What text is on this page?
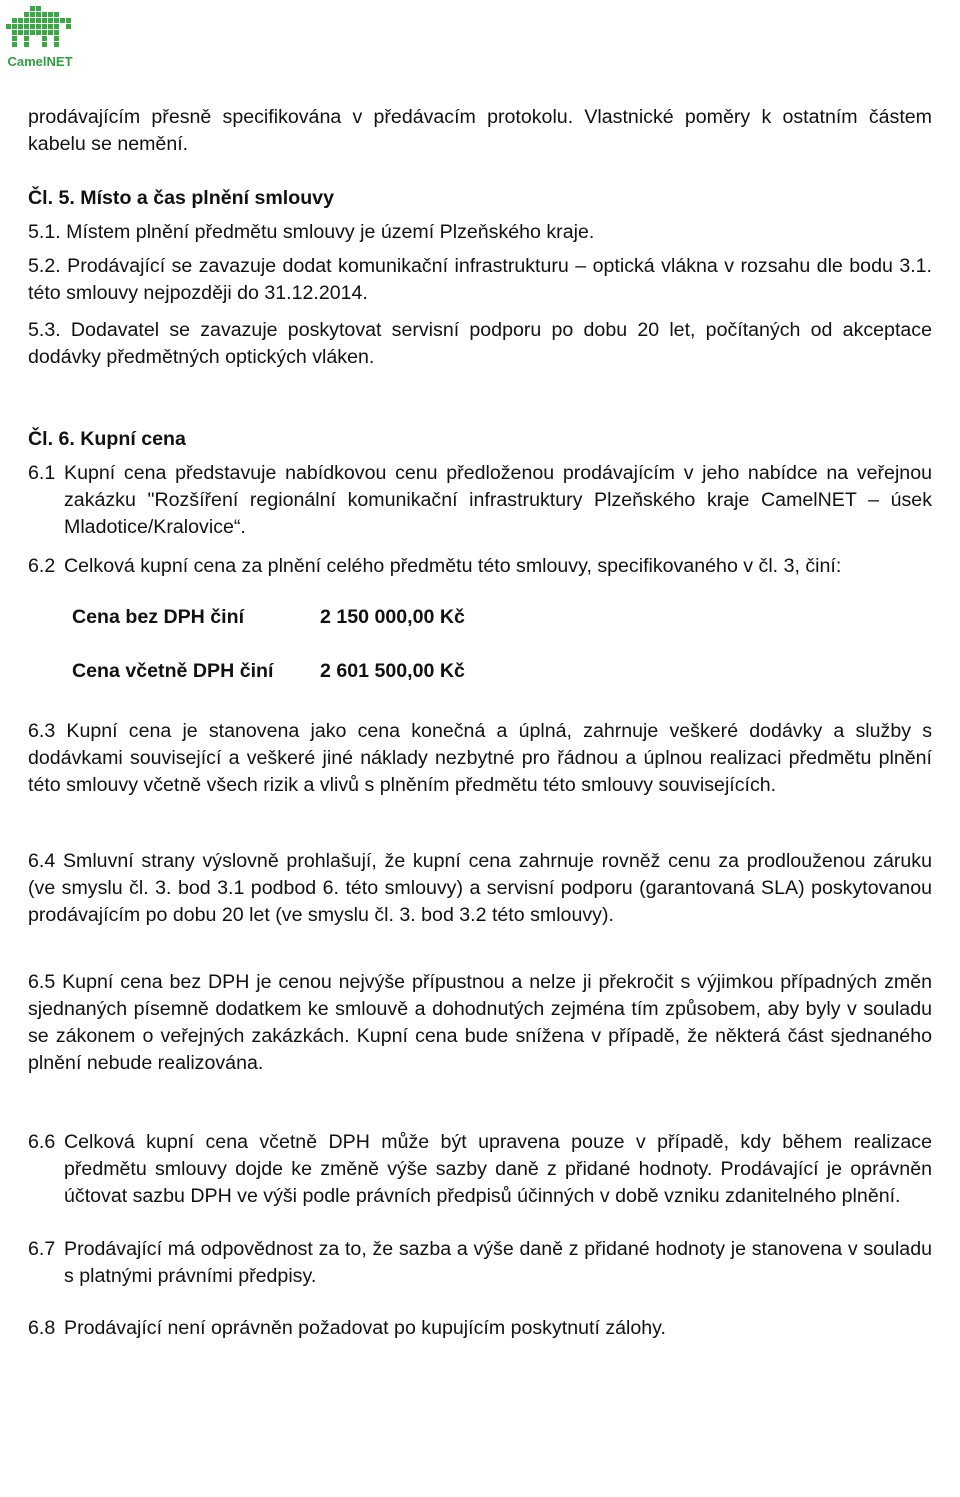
CamelNET

prodávajícím přesně specifikována v předávacím protokolu. Vlastnické poměry k ostatním částem kabelu se nemění.

Čl. 5. Místo a čas plnění smlouvy

5.1. Místem plnění předmětu smlouvy je území Plzeňského kraje.

5.2. Prodávající se zavazuje dodat komunikační infrastrukturu – optická vlákna v rozsahu dle bodu 3.1. této smlouvy nejpozději do 31.12.2014.

5.3. Dodavatel se zavazuje poskytovat servisní podporu po dobu 20 let, počítaných od akceptace dodávky předmětných optických vláken.

Čl. 6. Kupní cena

6.1 Kupní cena představuje nabídkovou cenu předloženou prodávajícím v jeho nabídce na veřejnou zakázku "Rozšíření regionální komunikační infrastruktury Plzeňského kraje CamelNET – úsek Mladotice/Kralovice“.
6.2 Celková kupní cena za plnění celého předmětu této smlouvy, specifikovaného v čl. 3, činí:
Cena bez DPH činí	2 150 000,00 Kč
Cena včetně DPH činí	2 601 500,00 Kč

6.3 Kupní cena je stanovena jako cena konečná a úplná, zahrnuje veškeré dodávky a služby s dodávkami související a veškeré jiné náklady nezbytné pro řádnou a úplnou realizaci předmětu plnění této smlouvy včetně všech rizik a vlivů s plněním předmětu této smlouvy souvisejících.

6.4 Smluvní strany výslovně prohlašují, že kupní cena zahrnuje rovněž cenu za prodlouženou záruku (ve smyslu čl. 3. bod 3.1 podbod 6. této smlouvy) a servisní podporu (garantovaná SLA) poskytovanou prodávajícím po dobu 20 let (ve smyslu čl. 3. bod 3.2 této smlouvy).

6.5 Kupní cena bez DPH je cenou nejvýše přípustnou a nelze ji překročit s výjimkou případných změn sjednaných písemně dodatkem ke smlouvě a dohodnutých zejména tím způsobem, aby byly v souladu se zákonem o veřejných zakázkách. Kupní cena bude snížena v případě, že některá část sjednaného plnění nebude realizována.

6.6 Celková kupní cena včetně DPH může být upravena pouze v případě, kdy během realizace předmětu smlouvy dojde ke změně výše sazby daně z přidané hodnoty. Prodávající je oprávněn účtovat sazbu DPH ve výši podle právních předpisů účinných v době vzniku zdanitelného plnění.
6.7 Prodávající má odpovědnost za to, že sazba a výše daně z přidané hodnoty je stanovena v souladu s platnými právními předpisy.
6.8 Prodávající není oprávněn požadovat po kupujícím poskytnutí zálohy.
